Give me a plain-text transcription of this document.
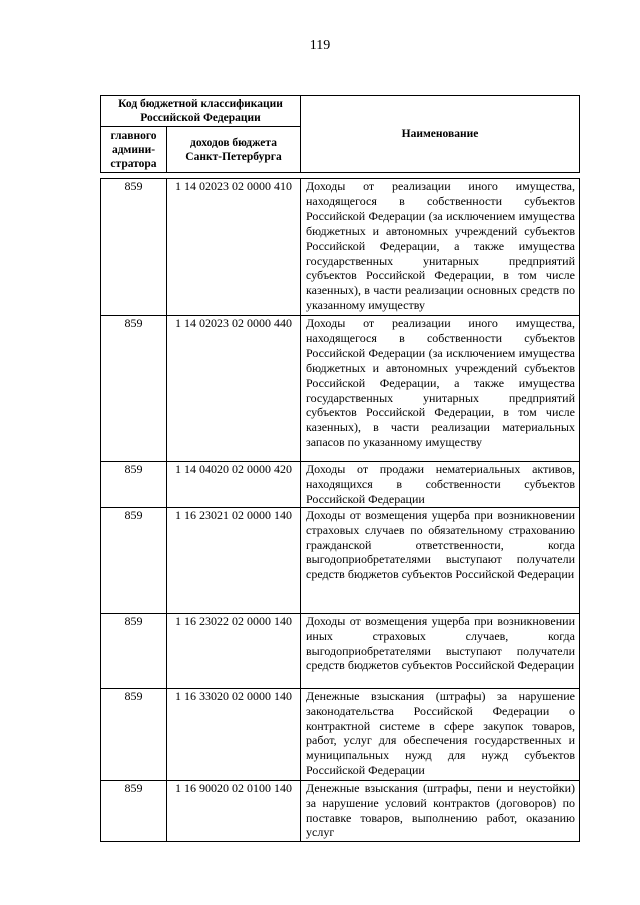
119
Код бюджетной классификации Российской Федерации		Наименование
главного админи-стратора	доходов бюджета Санкт-Петербурга	
859	1 14 02023 02 0000 410	Доходы от реализации иного имущества, находящегося в собственности субъектов Российской Федерации (за исключением имущества бюджетных и автономных учреждений субъектов Российской Федерации, а также имущества государственных унитарных предприятий субъектов Российской Федерации, в том числе казенных), в части реализации основных средств по указанному имуществу
859	1 14 02023 02 0000 440	Доходы от реализации иного имущества, находящегося в собственности субъектов Российской Федерации (за исключением имущества бюджетных и автономных учреждений субъектов Российской Федерации, а также имущества государственных унитарных предприятий субъектов Российской Федерации, в том числе казенных), в части реализации материальных запасов по указанному имуществу
859	1 14 04020 02 0000 420	Доходы от продажи нематериальных активов, находящихся в собственности субъектов Российской Федерации
859	1 16 23021 02 0000 140	Доходы от возмещения ущерба при возникновении страховых случаев по обязательному страхованию гражданской ответственности, когда выгодоприобретателями выступают получатели средств бюджетов субъектов Российской Федерации
859	1 16 23022 02 0000 140	Доходы от возмещения ущерба при возникновении иных страховых случаев, когда выгодоприобретателями выступают получатели средств бюджетов субъектов Российской Федерации
859	1 16 33020 02 0000 140	Денежные взыскания (штрафы) за нарушение законодательства Российской Федерации о контрактной системе в сфере закупок товаров, работ, услуг для обеспечения государственных и муниципальных нужд для нужд субъектов Российской Федерации
859	1 16 90020 02 0100 140	Денежные взыскания (штрафы, пени и неустойки) за нарушение условий контрактов (договоров) по поставке товаров, выполнению работ, оказанию услуг
